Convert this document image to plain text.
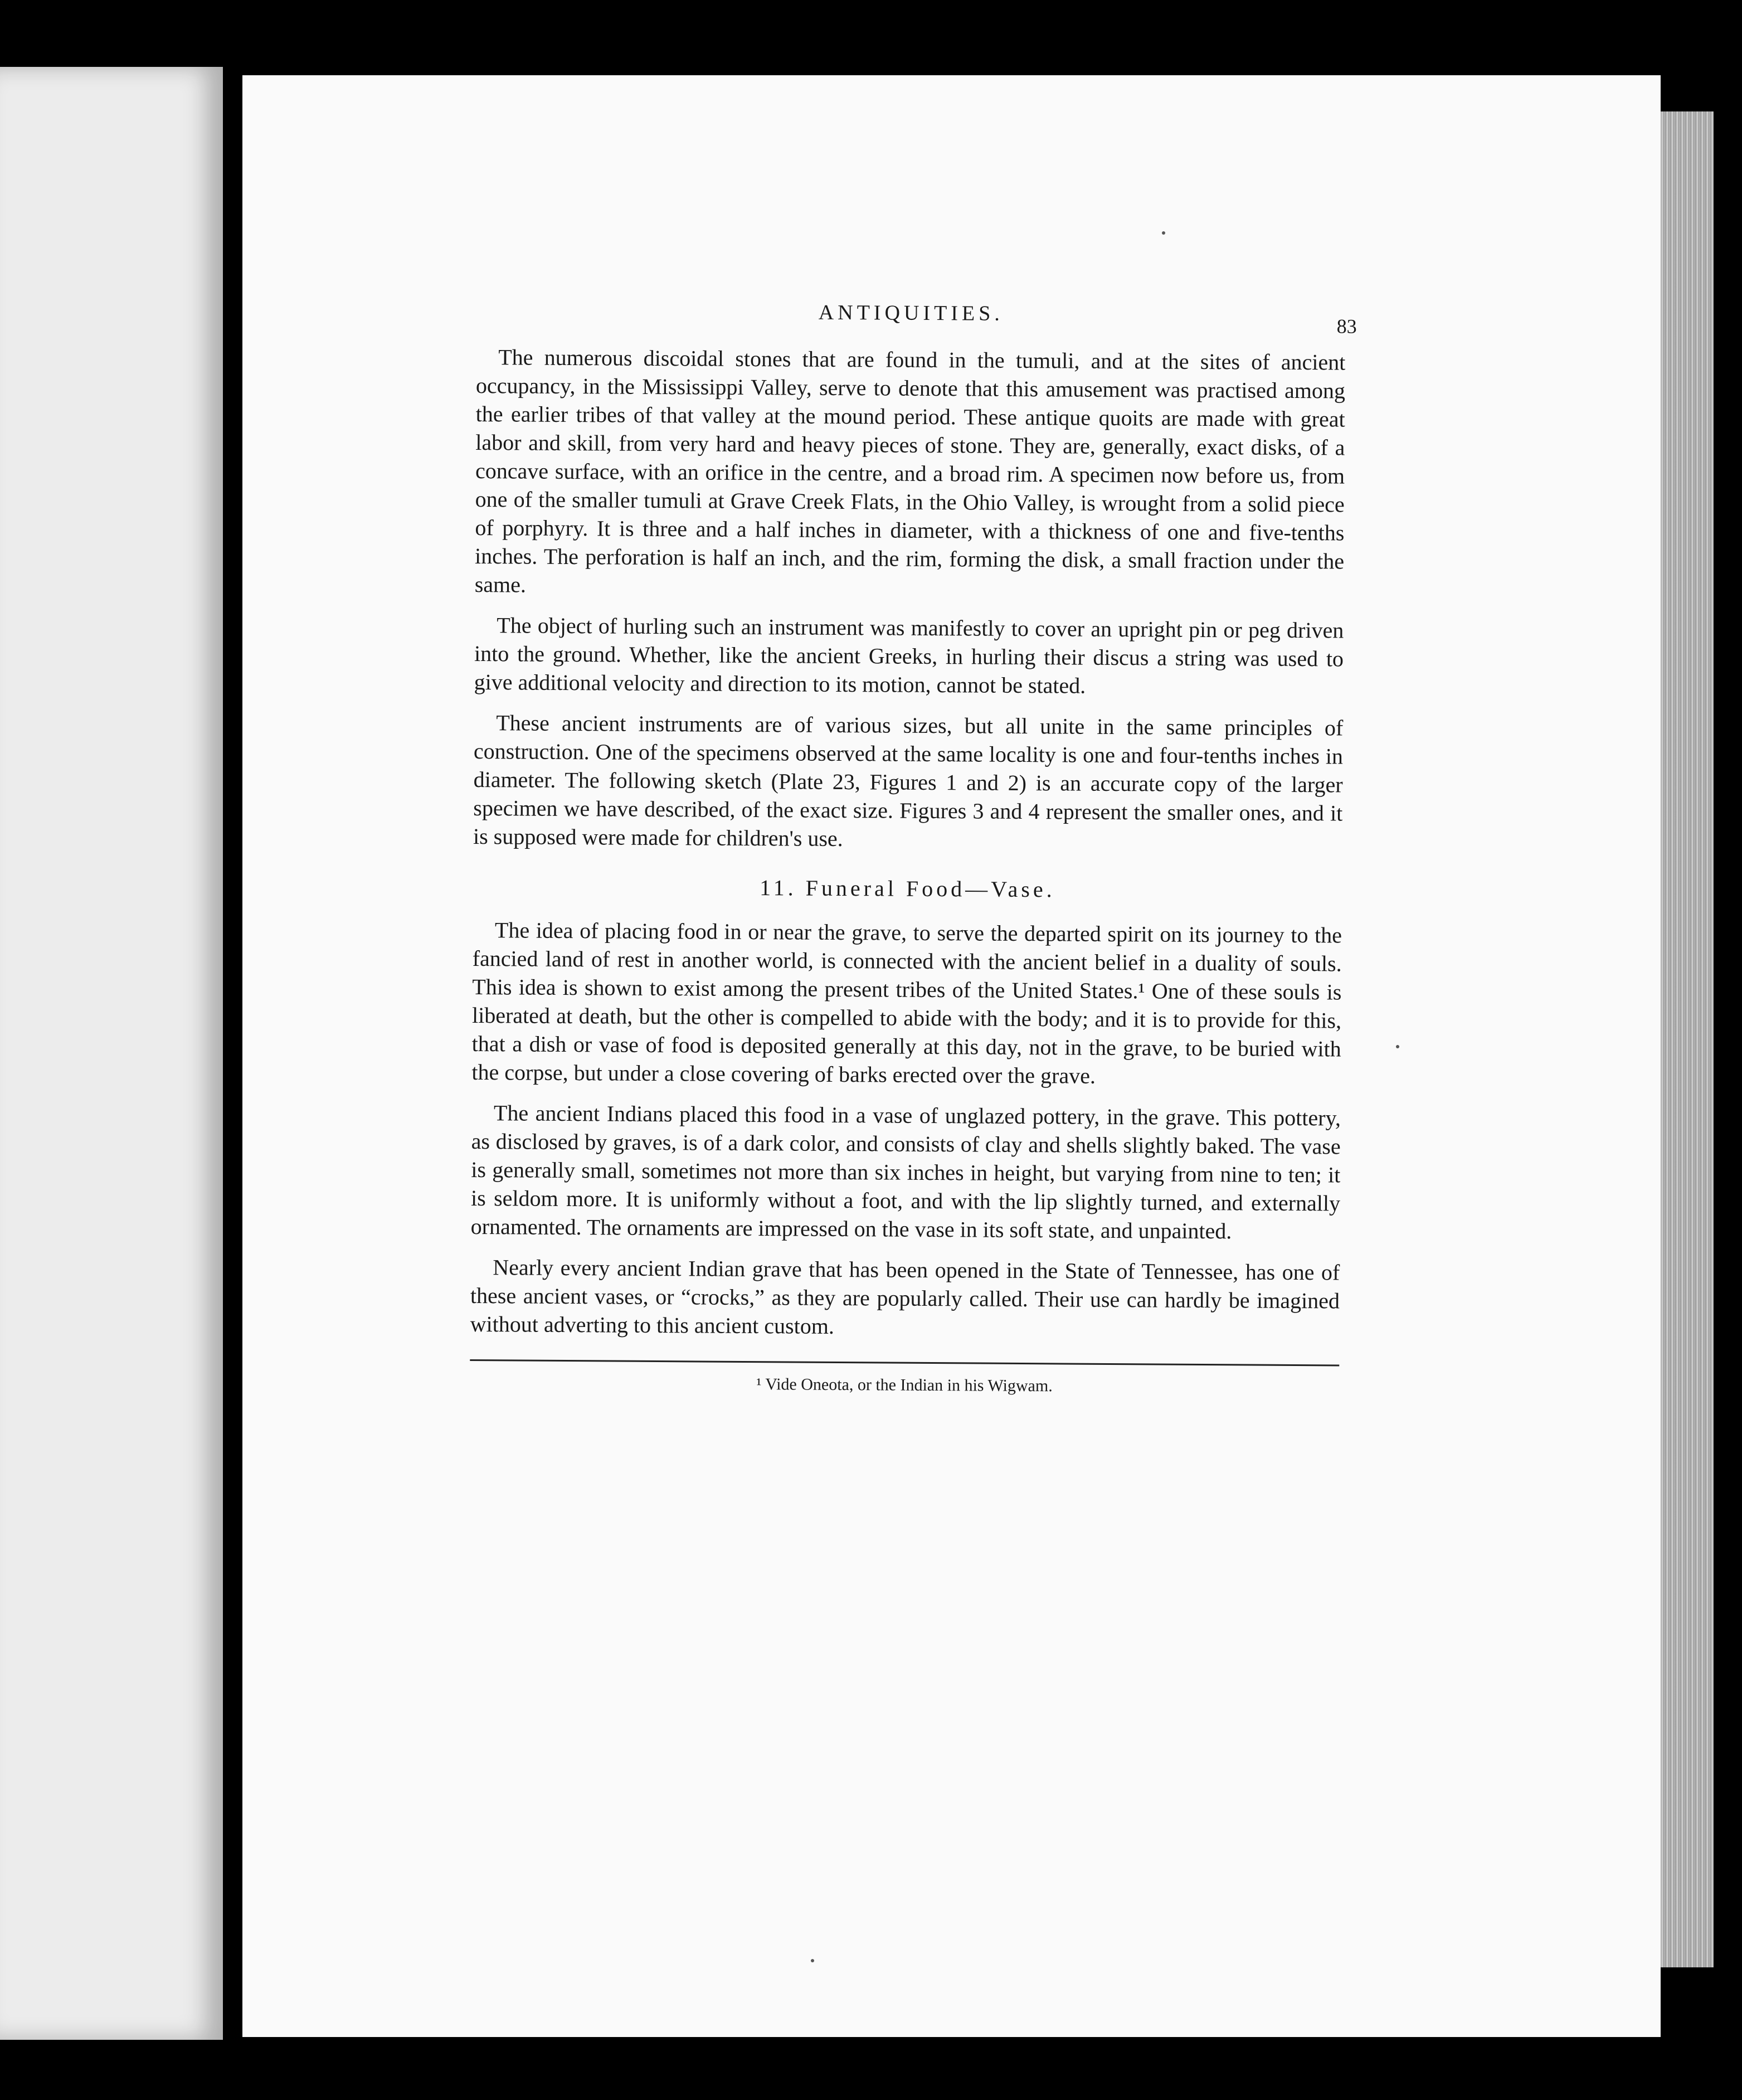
ANTIQUITIES.
83

The numerous discoidal stones that are found in the tumuli, and at the sites of ancient occupancy, in the Mississippi Valley, serve to denote that this amusement was practised among the earlier tribes of that valley at the mound period. These antique quoits are made with great labor and skill, from very hard and heavy pieces of stone. They are, generally, exact disks, of a concave surface, with an orifice in the centre, and a broad rim. A specimen now before us, from one of the smaller tumuli at Grave Creek Flats, in the Ohio Valley, is wrought from a solid piece of porphyry. It is three and a half inches in diameter, with a thickness of one and five-tenths inches. The perforation is half an inch, and the rim, forming the disk, a small fraction under the same.

The object of hurling such an instrument was manifestly to cover an upright pin or peg driven into the ground. Whether, like the ancient Greeks, in hurling their discus a string was used to give additional velocity and direction to its motion, cannot be stated.

These ancient instruments are of various sizes, but all unite in the same principles of construction. One of the specimens observed at the same locality is one and four-tenths inches in diameter. The following sketch (Plate 23, Figures 1 and 2) is an accurate copy of the larger specimen we have described, of the exact size. Figures 3 and 4 represent the smaller ones, and it is supposed were made for children's use.

11. Funeral Food—Vase.

The idea of placing food in or near the grave, to serve the departed spirit on its journey to the fancied land of rest in another world, is connected with the ancient belief in a duality of souls. This idea is shown to exist among the present tribes of the United States.¹ One of these souls is liberated at death, but the other is compelled to abide with the body; and it is to provide for this, that a dish or vase of food is deposited generally at this day, not in the grave, to be buried with the corpse, but under a close covering of barks erected over the grave.

The ancient Indians placed this food in a vase of unglazed pottery, in the grave. This pottery, as disclosed by graves, is of a dark color, and consists of clay and shells slightly baked. The vase is generally small, sometimes not more than six inches in height, but varying from nine to ten; it is seldom more. It is uniformly without a foot, and with the lip slightly turned, and externally ornamented. The ornaments are impressed on the vase in its soft state, and unpainted.

Nearly every ancient Indian grave that has been opened in the State of Tennessee, has one of these ancient vases, or “crocks,” as they are popularly called. Their use can hardly be imagined without adverting to this ancient custom.

¹ Vide Oneota, or the Indian in his Wigwam.
